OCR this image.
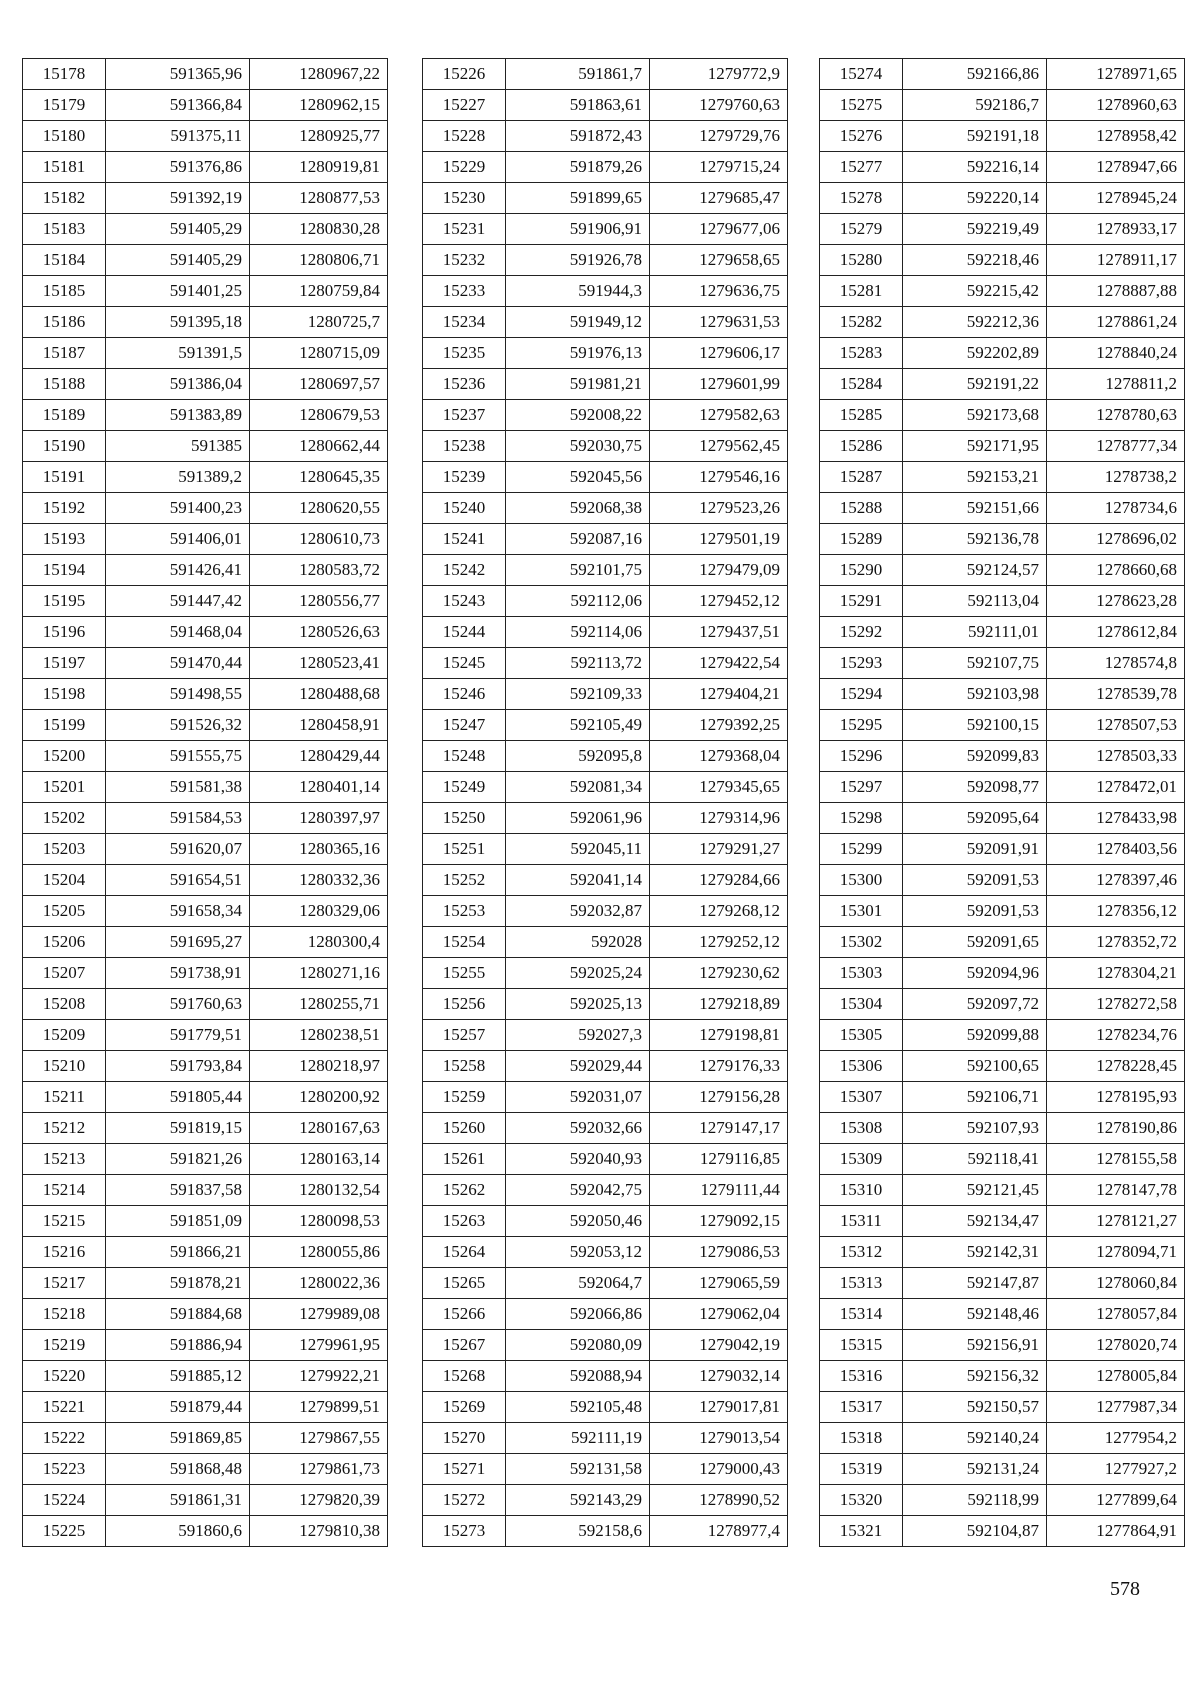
15178	591365,96	1280967,22
15179	591366,84	1280962,15
15180	591375,11	1280925,77
15181	591376,86	1280919,81
15182	591392,19	1280877,53
15183	591405,29	1280830,28
15184	591405,29	1280806,71
15185	591401,25	1280759,84
15186	591395,18	1280725,7
15187	591391,5	1280715,09
15188	591386,04	1280697,57
15189	591383,89	1280679,53
15190	591385	1280662,44
15191	591389,2	1280645,35
15192	591400,23	1280620,55
15193	591406,01	1280610,73
15194	591426,41	1280583,72
15195	591447,42	1280556,77
15196	591468,04	1280526,63
15197	591470,44	1280523,41
15198	591498,55	1280488,68
15199	591526,32	1280458,91
15200	591555,75	1280429,44
15201	591581,38	1280401,14
15202	591584,53	1280397,97
15203	591620,07	1280365,16
15204	591654,51	1280332,36
15205	591658,34	1280329,06
15206	591695,27	1280300,4
15207	591738,91	1280271,16
15208	591760,63	1280255,71
15209	591779,51	1280238,51
15210	591793,84	1280218,97
15211	591805,44	1280200,92
15212	591819,15	1280167,63
15213	591821,26	1280163,14
15214	591837,58	1280132,54
15215	591851,09	1280098,53
15216	591866,21	1280055,86
15217	591878,21	1280022,36
15218	591884,68	1279989,08
15219	591886,94	1279961,95
15220	591885,12	1279922,21
15221	591879,44	1279899,51
15222	591869,85	1279867,55
15223	591868,48	1279861,73
15224	591861,31	1279820,39
15225	591860,6	1279810,38
15226	591861,7	1279772,9
15227	591863,61	1279760,63
15228	591872,43	1279729,76
15229	591879,26	1279715,24
15230	591899,65	1279685,47
15231	591906,91	1279677,06
15232	591926,78	1279658,65
15233	591944,3	1279636,75
15234	591949,12	1279631,53
15235	591976,13	1279606,17
15236	591981,21	1279601,99
15237	592008,22	1279582,63
15238	592030,75	1279562,45
15239	592045,56	1279546,16
15240	592068,38	1279523,26
15241	592087,16	1279501,19
15242	592101,75	1279479,09
15243	592112,06	1279452,12
15244	592114,06	1279437,51
15245	592113,72	1279422,54
15246	592109,33	1279404,21
15247	592105,49	1279392,25
15248	592095,8	1279368,04
15249	592081,34	1279345,65
15250	592061,96	1279314,96
15251	592045,11	1279291,27
15252	592041,14	1279284,66
15253	592032,87	1279268,12
15254	592028	1279252,12
15255	592025,24	1279230,62
15256	592025,13	1279218,89
15257	592027,3	1279198,81
15258	592029,44	1279176,33
15259	592031,07	1279156,28
15260	592032,66	1279147,17
15261	592040,93	1279116,85
15262	592042,75	1279111,44
15263	592050,46	1279092,15
15264	592053,12	1279086,53
15265	592064,7	1279065,59
15266	592066,86	1279062,04
15267	592080,09	1279042,19
15268	592088,94	1279032,14
15269	592105,48	1279017,81
15270	592111,19	1279013,54
15271	592131,58	1279000,43
15272	592143,29	1278990,52
15273	592158,6	1278977,4
15274	592166,86	1278971,65
15275	592186,7	1278960,63
15276	592191,18	1278958,42
15277	592216,14	1278947,66
15278	592220,14	1278945,24
15279	592219,49	1278933,17
15280	592218,46	1278911,17
15281	592215,42	1278887,88
15282	592212,36	1278861,24
15283	592202,89	1278840,24
15284	592191,22	1278811,2
15285	592173,68	1278780,63
15286	592171,95	1278777,34
15287	592153,21	1278738,2
15288	592151,66	1278734,6
15289	592136,78	1278696,02
15290	592124,57	1278660,68
15291	592113,04	1278623,28
15292	592111,01	1278612,84
15293	592107,75	1278574,8
15294	592103,98	1278539,78
15295	592100,15	1278507,53
15296	592099,83	1278503,33
15297	592098,77	1278472,01
15298	592095,64	1278433,98
15299	592091,91	1278403,56
15300	592091,53	1278397,46
15301	592091,53	1278356,12
15302	592091,65	1278352,72
15303	592094,96	1278304,21
15304	592097,72	1278272,58
15305	592099,88	1278234,76
15306	592100,65	1278228,45
15307	592106,71	1278195,93
15308	592107,93	1278190,86
15309	592118,41	1278155,58
15310	592121,45	1278147,78
15311	592134,47	1278121,27
15312	592142,31	1278094,71
15313	592147,87	1278060,84
15314	592148,46	1278057,84
15315	592156,91	1278020,74
15316	592156,32	1278005,84
15317	592150,57	1277987,34
15318	592140,24	1277954,2
15319	592131,24	1277927,2
15320	592118,99	1277899,64
15321	592104,87	1277864,91
578
